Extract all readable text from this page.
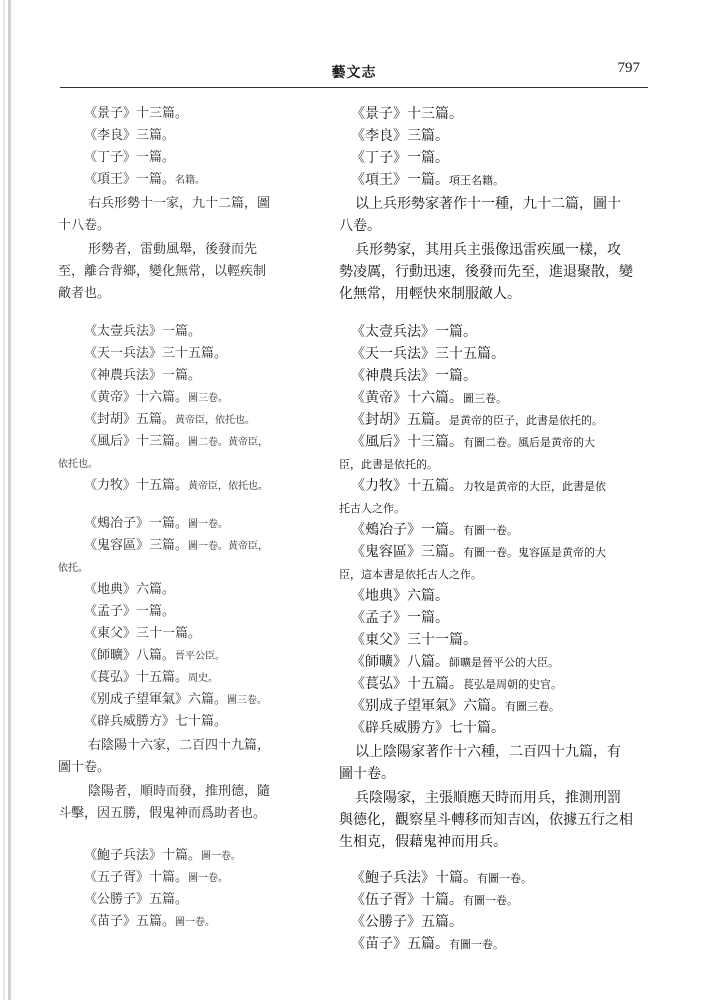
藝文志	797
《景子》十三篇。
《李良》三篇。
《丁子》一篇。
《項王》一篇。名籍。
右兵形勢十一家，九十二篇，圖
十八卷。
形勢者，雷動風舉，後發而先
至，離合背鄉，變化無常，以輕疾制
敵者也。
《太壹兵法》一篇。
《天一兵法》三十五篇。
《神農兵法》一篇。
《黄帝》十六篇。圖三卷。
《封胡》五篇。黄帝臣，依托也。
《風后》十三篇。圖二卷。黄帝臣，
依托也。
《力牧》十五篇。黄帝臣，依托也。
《鵊冶子》一篇。圖一卷。
《鬼容區》三篇。圖一卷。黄帝臣，
依托。
《地典》六篇。
《孟子》一篇。
《東父》三十一篇。
《師曠》八篇。晉平公臣。
《萇弘》十五篇。周史。
《别成子望軍氣》六篇。圖三卷。
《辟兵威勝方》七十篇。
右陰陽十六家，二百四十九篇，
圖十卷。
陰陽者，順時而發，推刑德，隨
斗擊，因五勝，假鬼神而爲助者也。
《鮑子兵法》十篇。圖一卷。
《五子胥》十篇。圖一卷。
《公勝子》五篇。
《苗子》五篇。圖一卷。
《景子》十三篇。
《李良》三篇。
《丁子》一篇。
《項王》一篇。項王名籍。
以上兵形勢家著作十一種，九十二篇，圖十
八卷。
兵形勢家，其用兵主張像迅雷疾風一樣，攻
勢凌厲，行動迅速，後發而先至，進退聚散，變
化無常，用輕快來制服敵人。
《太壹兵法》一篇。
《天一兵法》三十五篇。
《神農兵法》一篇。
《黄帝》十六篇。圖三卷。
《封胡》五篇。是黄帝的臣子，此書是依托的。
《風后》十三篇。有圖二卷。風后是黄帝的大
臣，此書是依托的。
《力牧》十五篇。力牧是黄帝的大臣，此書是依
托古人之作。
《鵊冶子》一篇。有圖一卷。
《鬼容區》三篇。有圖一卷。鬼容區是黄帝的大
臣，這本書是依托古人之作。
《地典》六篇。
《孟子》一篇。
《東父》三十一篇。
《師曠》八篇。師曠是晉平公的大臣。
《萇弘》十五篇。萇弘是周朝的史官。
《别成子望軍氣》六篇。有圖三卷。
《辟兵威勝方》七十篇。
以上陰陽家著作十六種，二百四十九篇，有
圖十卷。
兵陰陽家，主張順應天時而用兵，推測刑罰
與德化，觀察星斗轉移而知吉凶，依據五行之相
生相克，假藉鬼神而用兵。
《鮑子兵法》十篇。有圖一卷。
《伍子胥》十篇。有圖一卷。
《公勝子》五篇。
《苗子》五篇。有圖一卷。
